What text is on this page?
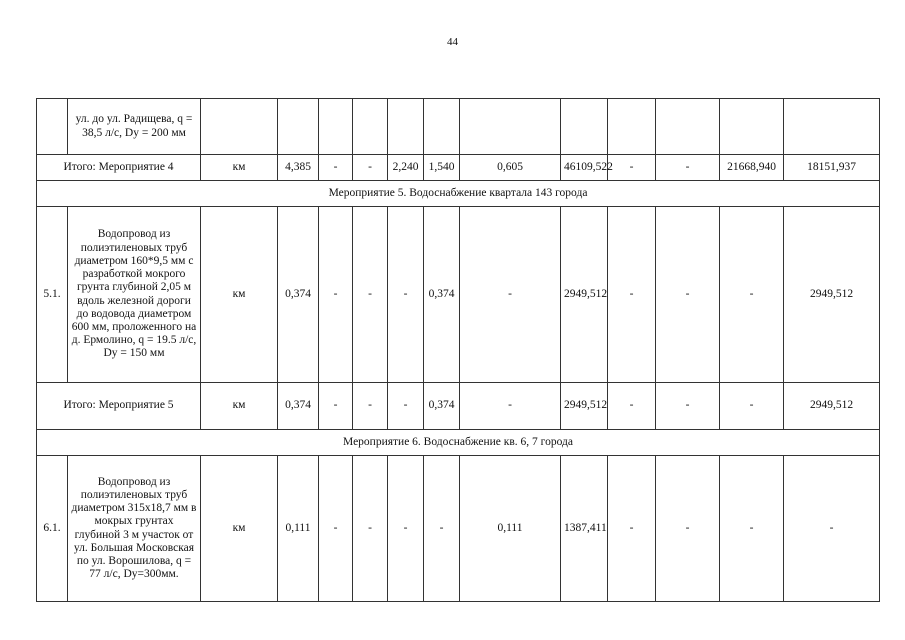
44
	ул. до ул. Радищева, q = 38,5 л/с, Dy = 200 мм													
Итого: Мероприятие 4		км	4,385	-	-	2,240	1,540	0,605	46109,522	-	-	21668,940	18151,937	
Мероприятие 5. Водоснабжение квартала 143 города														
5.1.	Водопровод из полиэтиленовых труб диаметром 160*9,5 мм с разработкой мокрого грунта глубиной 2,05 м вдоль железной дороги до водовода диаметром 600 мм, проложенного на д. Ермолино, q = 19.5 л/с, Dy = 150 мм	км	0,374	-	-	-	0,374	-	2949,512	-	-	-	2949,512	
Итого: Мероприятие 5		км	0,374	-	-	-	0,374	-	2949,512	-	-	-	2949,512	
Мероприятие 6. Водоснабжение кв. 6, 7 города														
6.1.	Водопровод из полиэтиленовых труб диаметром 315х18,7 мм в мокрых грунтах глубиной 3 м участок от ул. Большая Московская по ул. Ворошилова, q = 77 л/с, Dy=300мм.	км	0,111	-	-	-	-	0,111	1387,411	-	-	-	-	
